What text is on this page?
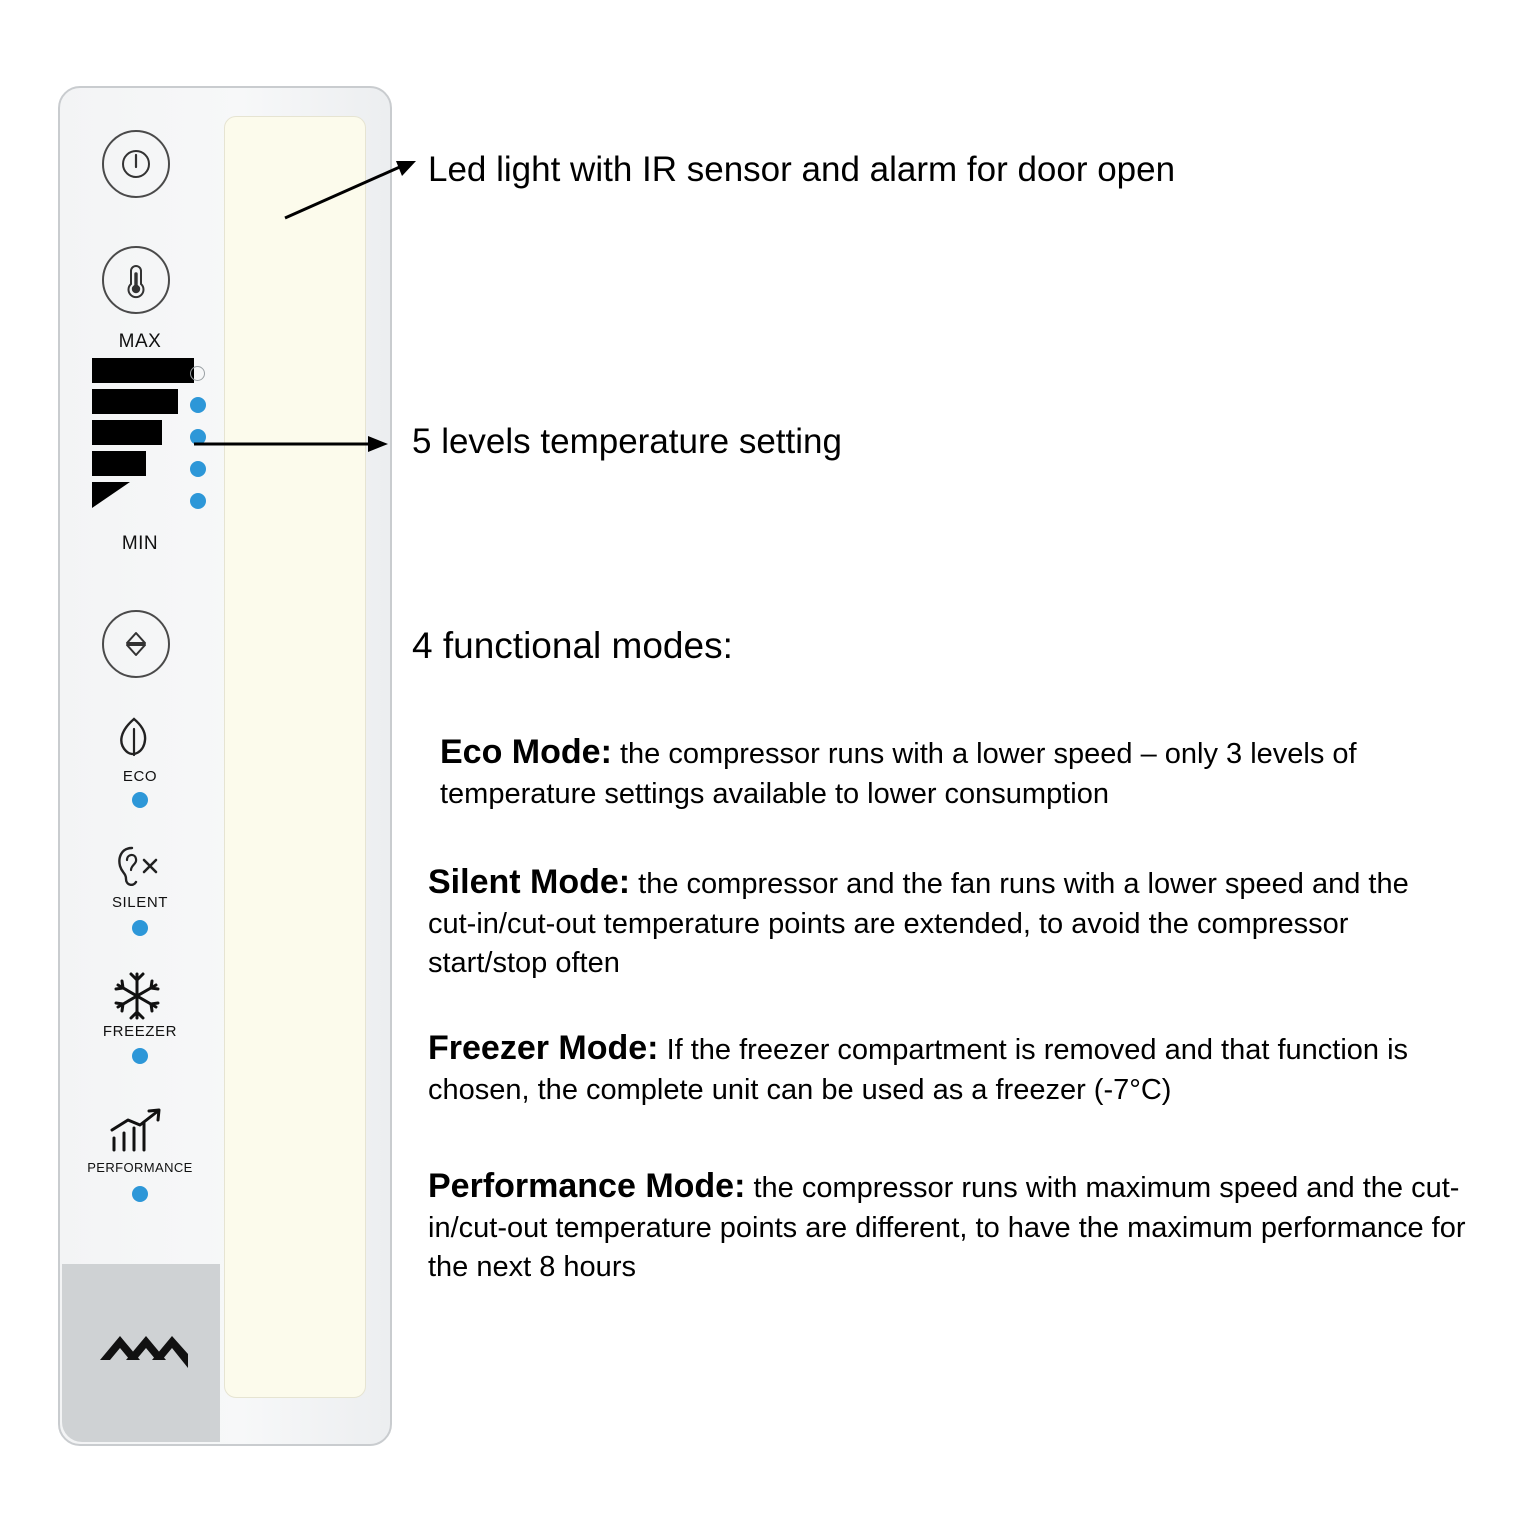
MAX
MIN
ECO
SILENT
FREEZER
PERFORMANCE
Led light with IR sensor and alarm for door open
5 levels temperature setting
4 functional modes:
Eco Mode: the compressor runs with a lower speed – only 3 levels of temperature settings available to lower consumption
Silent Mode: the compressor and the fan runs with a lower speed and the cut-in/cut-out temperature points are extended, to avoid the compressor start/stop often
Freezer Mode: If the freezer compartment is removed and that function is chosen, the complete unit can be used as a freezer (-7°C)
Performance Mode: the compressor runs with maximum speed and the cut-in/cut-out temperature points are different, to have the maximum performance for the next 8 hours
